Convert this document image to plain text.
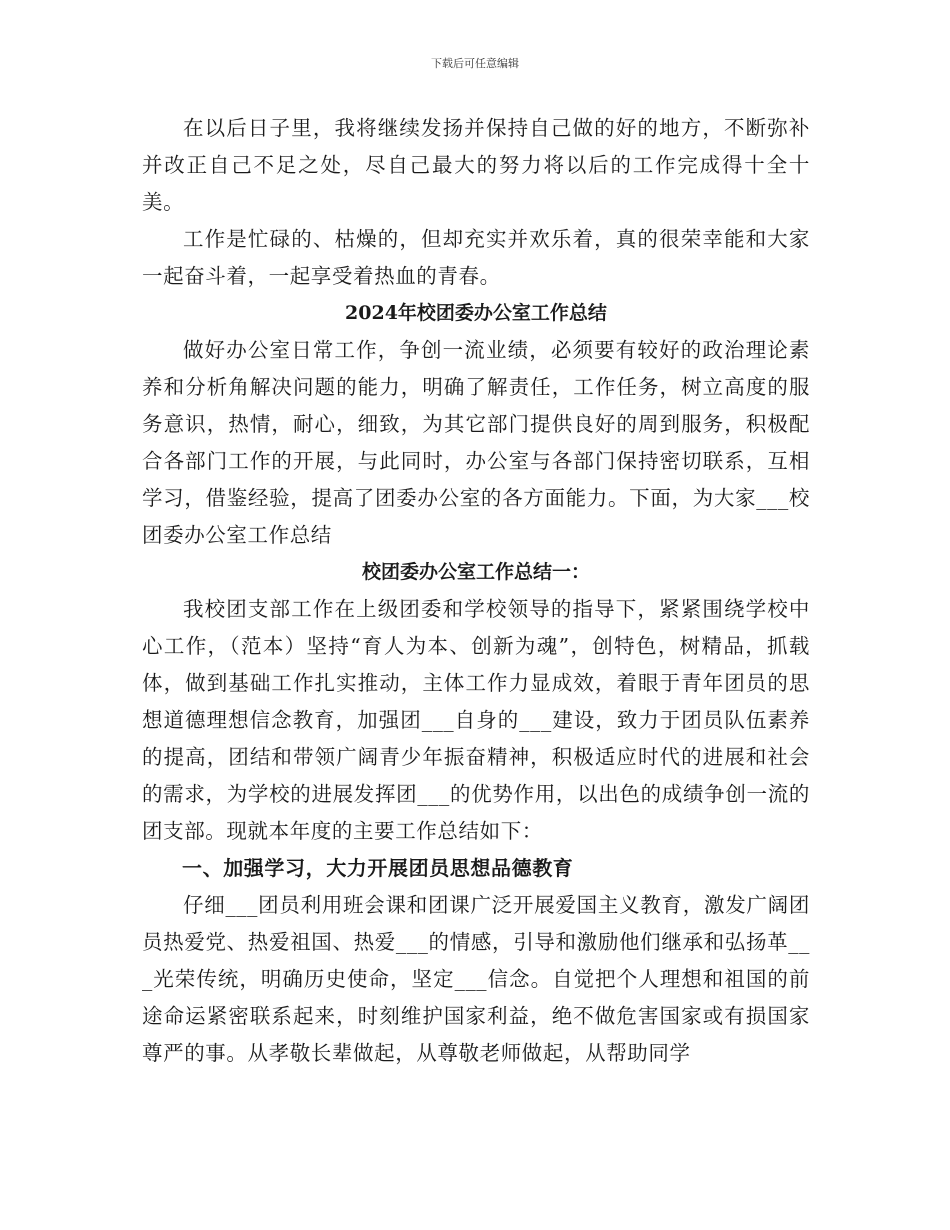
下载后可任意编辑

在以后日子里，我将继续发扬并保持自己做的好的地方，不断弥补并改正自己不足之处，尽自己最大的努力将以后的工作完成得十全十美。

工作是忙碌的、枯燥的，但却充实并欢乐着，真的很荣幸能和大家一起奋斗着，一起享受着热血的青春。

2024年校团委办公室工作总结

做好办公室日常工作，争创一流业绩，必须要有较好的政治理论素养和分析角解决问题的能力，明确了解责任，工作任务，树立高度的服务意识，热情，耐心，细致，为其它部门提供良好的周到服务，积极配合各部门工作的开展，与此同时，办公室与各部门保持密切联系，互相学习，借鉴经验，提高了团委办公室的各方面能力。下面，为大家___校团委办公室工作总结

校团委办公室工作总结一：

我校团支部工作在上级团委和学校领导的指导下，紧紧围绕学校中心工作，（范本）坚持“育人为本、创新为魂”，创特色，树精品，抓载体，做到基础工作扎实推动，主体工作力显成效，着眼于青年团员的思想道德理想信念教育，加强团___自身的___建设，致力于团员队伍素养的提高，团结和带领广阔青少年振奋精神，积极适应时代的进展和社会的需求，为学校的进展发挥团___的优势作用，以出色的成绩争创一流的团支部。现就本年度的主要工作总结如下：

一、加强学习，大力开展团员思想品德教育

仔细___团员利用班会课和团课广泛开展爱国主义教育，激发广阔团员热爱党、热爱祖国、热爱___的情感，引导和激励他们继承和弘扬革___光荣传统，明确历史使命，坚定___信念。自觉把个人理想和祖国的前途命运紧密联系起来，时刻维护国家利益，绝不做危害国家或有损国家尊严的事。从孝敬长辈做起，从尊敬老师做起，从帮助同学
